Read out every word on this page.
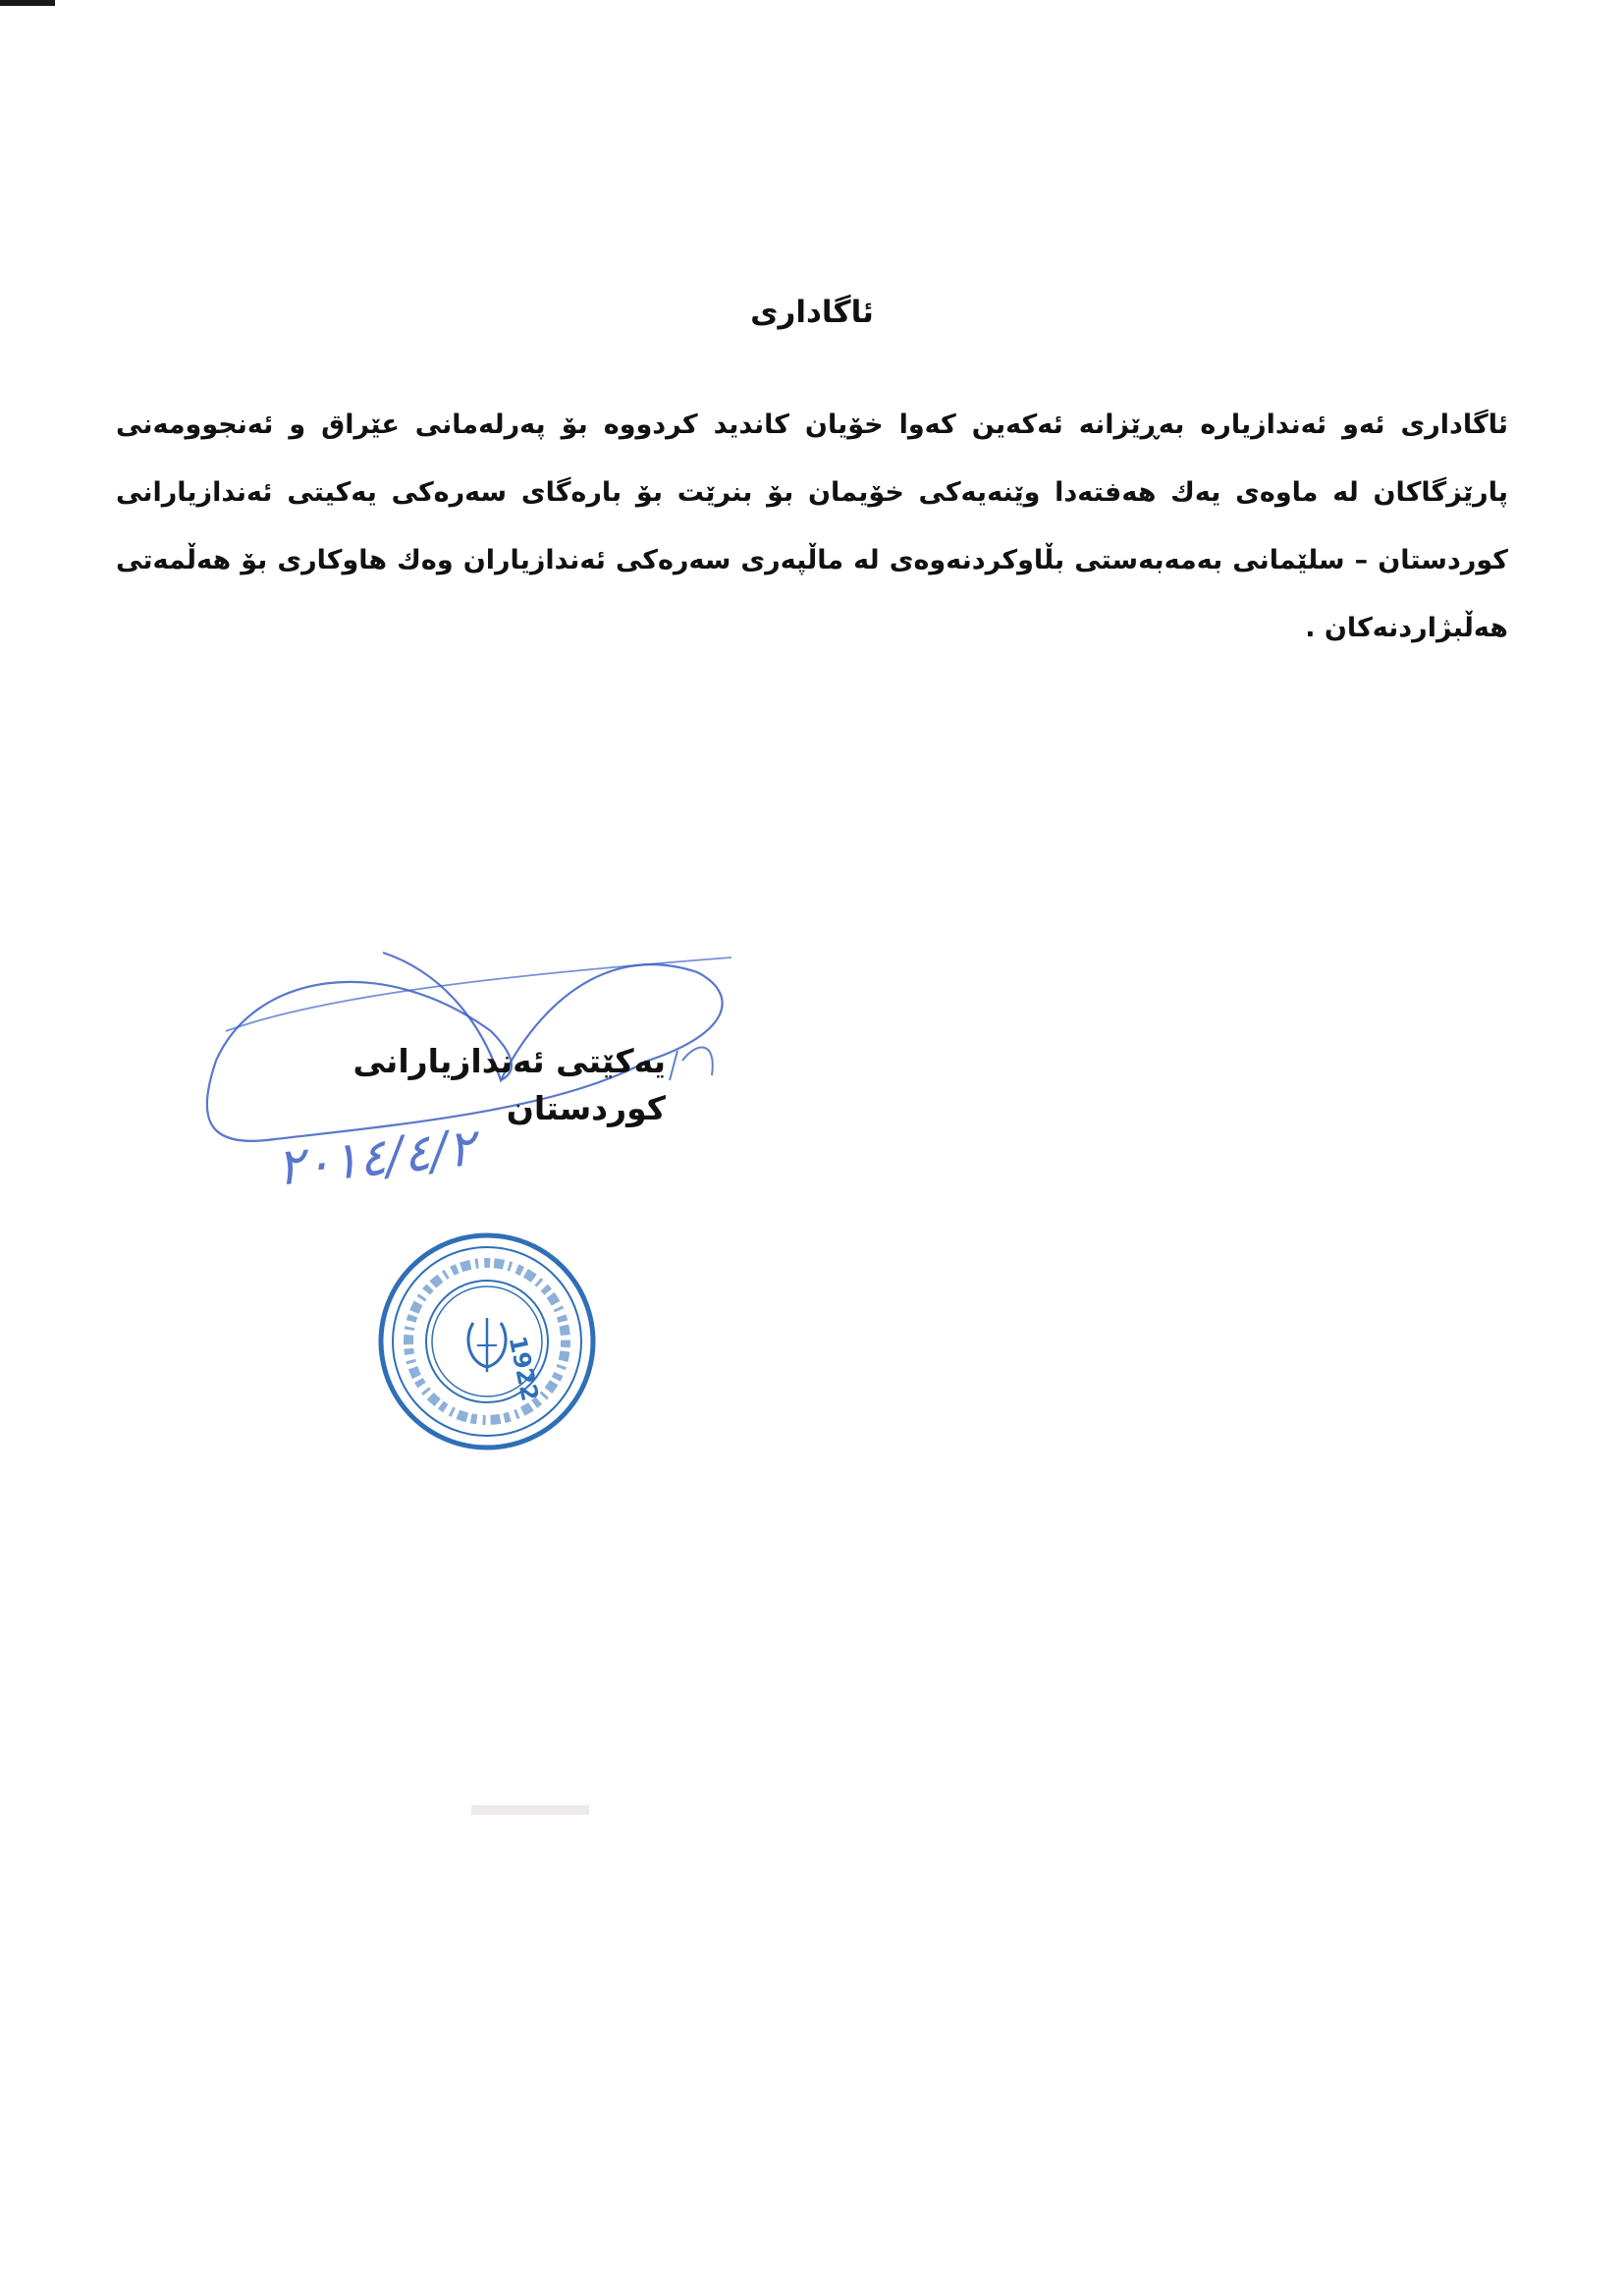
ئاگاداری
ئاگاداری ئەو ئەندازیارە بەڕێزانە ئەکەین کەوا خۆیان کاندید کردووە بۆ پەرلەمانی عێراق و ئەنجوومەنی پارێزگاکان لە ماوەی یەك هەفتەدا وێنەیەکی خۆیمان بۆ بنرێت بۆ بارەگای سەرەکی یەکیتی ئەندازیارانی کوردستان – سلێمانی بەمەبەستی بڵاوکردنەوەی لە ماڵپەری سەرەکی ئەندازیاران وەك هاوکاری بۆ هەڵمەتی هەڵبژاردنەکان .
یەکێتی ئەندازیارانی کوردستان
٢٠١٤/٤/٢
1922
